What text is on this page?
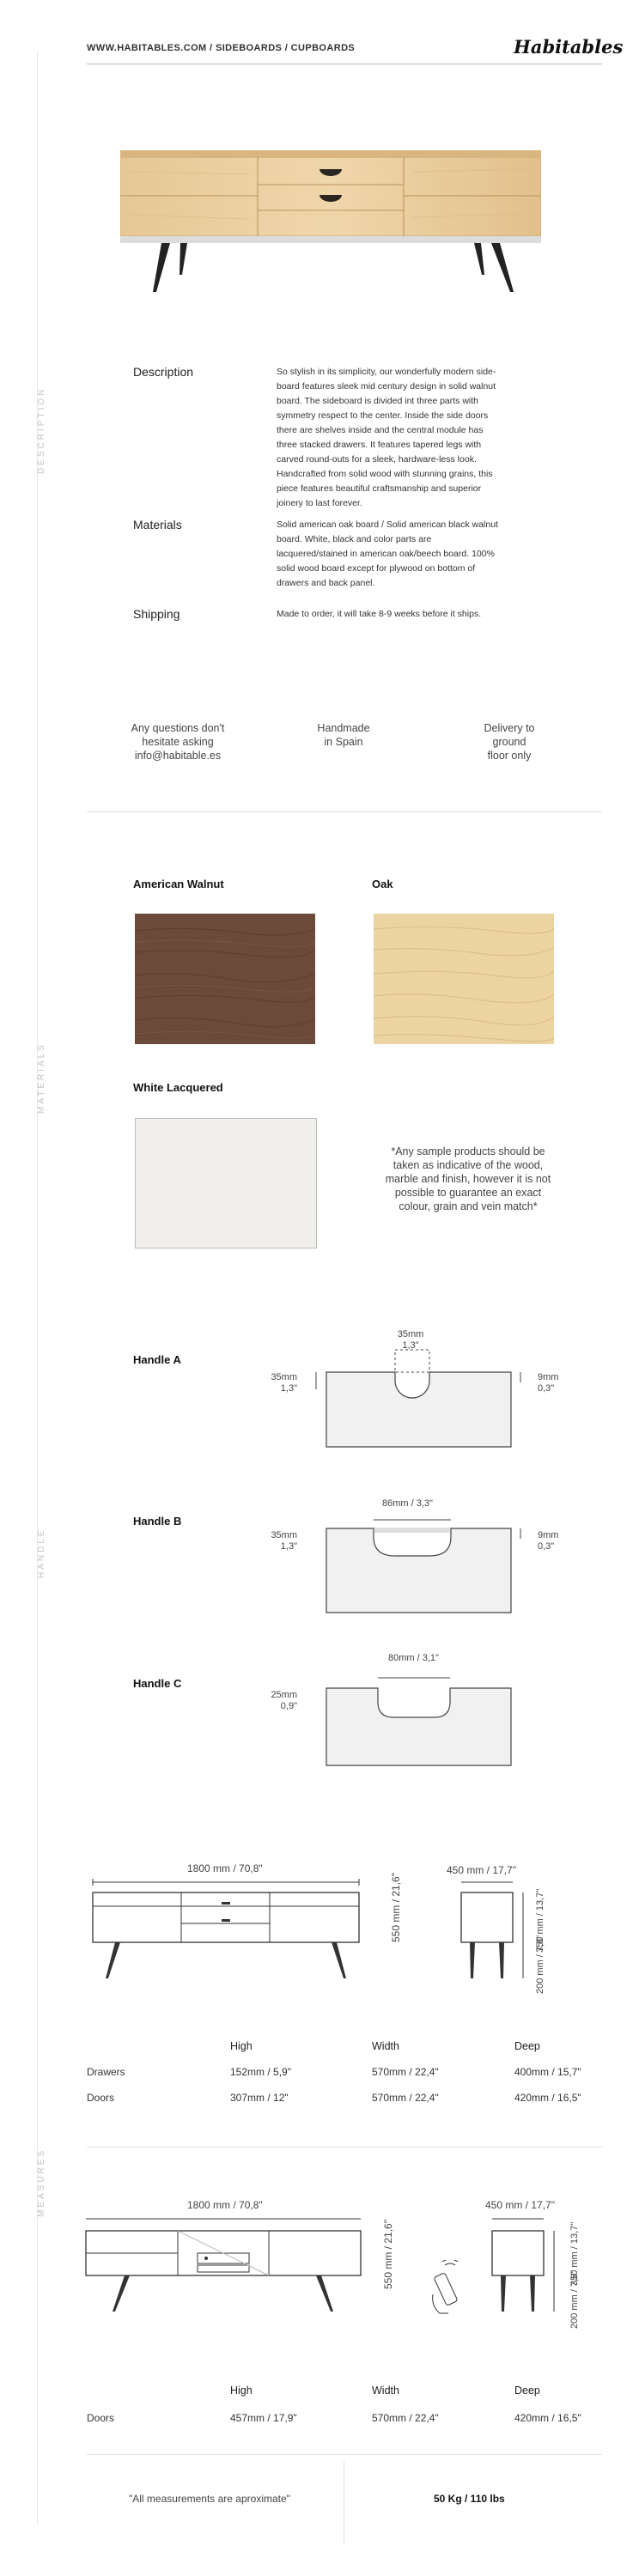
DESCRIPTION
MATERIALS
HANDLE
MEASURES
WWW.HABITABLES.COM / SIDEBOARDS / CUPBOARDS	Habitables
Description	So stylish in its simplicity, our wonderfully modern side-board features sleek mid century design in solid walnut board. The sideboard is divided int three parts with symmetry respect to the center. Inside the side doors there are shelves inside and the central module has three stacked drawers. It features tapered legs with carved round-outs for a sleek, hardware-less look. Handcrafted from solid wood with stunning grains, this piece features beautiful craftsmanship and superior joinery to last forever.
Materials	Solid american oak board / Solid american black walnut board. White, black and color parts are lacquered/stained in american oak/beech board. 100% solid wood board except for plywood on bottom of drawers and back panel.
Shipping	Made to order, it will take 8-9 weeks before it ships.
Any questions don't
hesitate asking
info@habitable.es
Handmade
in Spain
Delivery to
ground
floor only
American Walnut	Oak
White Lacquered
*Any sample products should be taken as indicative of the wood, marble and finish, however it is not possible to guarantee an exact colour, grain and vein match*
Handle A
35mm
1,3"
35mm
1,3"
9mm
0,3"
Handle B
86mm / 3,3"
35mm
1,3"
9mm
0,3"
Handle C
80mm / 3,1"
25mm
0,9"
1800 mm / 70,8"	450 mm / 17,7"
550 mm / 21,6"	350 mm / 13,7"
200 mm / 7,8"
High	Width	Deep
Drawers	152mm / 5,9"	570mm / 22,4"	400mm / 15,7"
Doors	307mm / 12"	570mm / 22,4"	420mm / 16,5"
1800 mm / 70,8"	450 mm / 17,7"
550 mm / 21,6"	350 mm / 13,7"
200 mm / 7,8"
High	Width	Deep
Doors	457mm / 17,9"	570mm / 22,4"	420mm / 16,5"
"All measurements are aproximate"	50 Kg / 110 lbs
